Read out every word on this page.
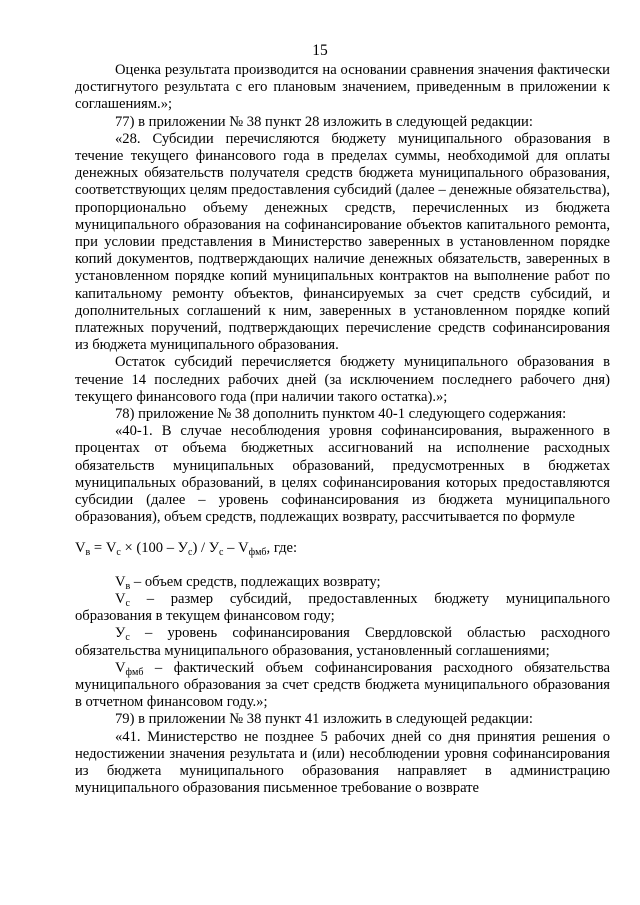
15

Оценка результата производится на основании сравнения значения фактически достигнутого результата с его плановым значением, приведенным в приложении к соглашениям.»;

77) в приложении № 38 пункт 28 изложить в следующей редакции:

«28. Субсидии перечисляются бюджету муниципального образования в течение текущего финансового года в пределах суммы, необходимой для оплаты денежных обязательств получателя средств бюджета муниципального образования, соответствующих целям предоставления субсидий (далее – денежные обязательства), пропорционально объему денежных средств, перечисленных из бюджета муниципального образования на софинансирование объектов капитального ремонта, при условии представления в Министерство заверенных в установленном порядке копий документов, подтверждающих наличие денежных обязательств, заверенных в установленном порядке копий муниципальных контрактов на выполнение работ по капитальному ремонту объектов, финансируемых за счет средств субсидий, и дополнительных соглашений к ним, заверенных в установленном порядке копий платежных поручений, подтверждающих перечисление средств софинансирования из бюджета муниципального образования.

Остаток субсидий перечисляется бюджету муниципального образования в течение 14 последних рабочих дней (за исключением последнего рабочего дня) текущего финансового года (при наличии такого остатка).»;

78) приложение № 38 дополнить пунктом 40-1 следующего содержания:

«40-1. В случае несоблюдения уровня софинансирования, выраженного в процентах от объема бюджетных ассигнований на исполнение расходных обязательств муниципальных образований, предусмотренных в бюджетах муниципальных образований, в целях софинансирования которых предоставляются субсидии (далее – уровень софинансирования из бюджета муниципального образования), объем средств, подлежащих возврату, рассчитывается по формуле

$V_в = V_с \times (100 - У_с) / У_с - V_{фмб}$, где:

$V_в$ – объем средств, подлежащих возврату;

$V_с$ – размер субсидий, предоставленных бюджету муниципального образования в текущем финансовом году;

$У_с$ – уровень софинансирования Свердловской областью расходного обязательства муниципального образования, установленный соглашениями;

$V_{фмб}$ – фактический объем софинансирования расходного обязательства муниципального образования за счет средств бюджета муниципального образования в отчетном финансовом году.»;

79) в приложении № 38 пункт 41 изложить в следующей редакции:

«41. Министерство не позднее 5 рабочих дней со дня принятия решения о недостижении значения результата и (или) несоблюдении уровня софинансирования из бюджета муниципального образования направляет в администрацию муниципального образования письменное требование о возврате
